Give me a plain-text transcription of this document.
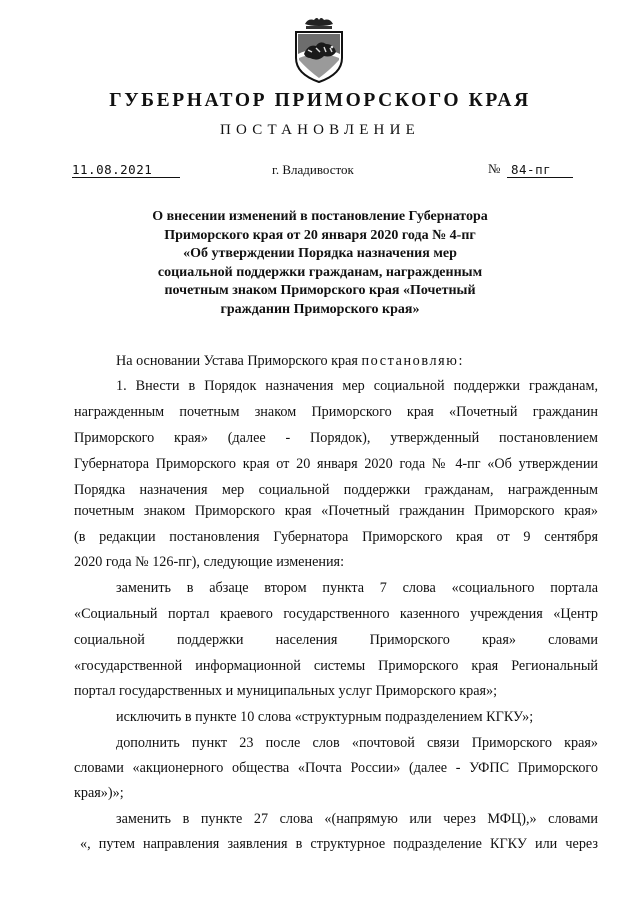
ГУБЕРНАТОР ПРИМОРСКОГО КРАЯ
ПОСТАНОВЛЕНИЕ
11.08.2021	г. Владивосток	№ 84-пг
О внесении изменений в постановление Губернатора
Приморского края от 20 января 2020 года № 4-пг
«Об утверждении Порядка назначения мер
социальной поддержки гражданам, награжденным
почетным знаком Приморского края «Почетный
гражданин Приморского края»
На основании Устава Приморского края постановляю:
1. Внести в Порядок назначения мер социальной поддержки гражданам,
награжденным почетным знаком Приморского края «Почетный гражданин
Приморского края» (далее - Порядок), утвержденный постановлением
Губернатора Приморского края от 20 января 2020 года № 4-пг «Об утверждении
Порядка назначения мер социальной поддержки гражданам, награжденным
почетным знаком Приморского края «Почетный гражданин Приморского края»
(в редакции постановления Губернатора Приморского края от 9 сентября
2020 года № 126-пг), следующие изменения:
заменить в абзаце втором пункта 7 слова «социального портала
«Социальный портал краевого государственного казенного учреждения «Центр
социальной поддержки населения Приморского края» словами
«государственной информационной системы Приморского края Региональный
портал государственных и муниципальных услуг Приморского края»;
исключить в пункте 10 слова «структурным подразделением КГКУ»;
дополнить пункт 23 после слов «почтовой связи Приморского края»
словами «акционерного общества «Почта России» (далее - УФПС Приморского
края»)»;
заменить в пункте 27 слова «(напрямую или через МФЦ),» словами
«, путем направления заявления в структурное подразделение КГКУ или через
